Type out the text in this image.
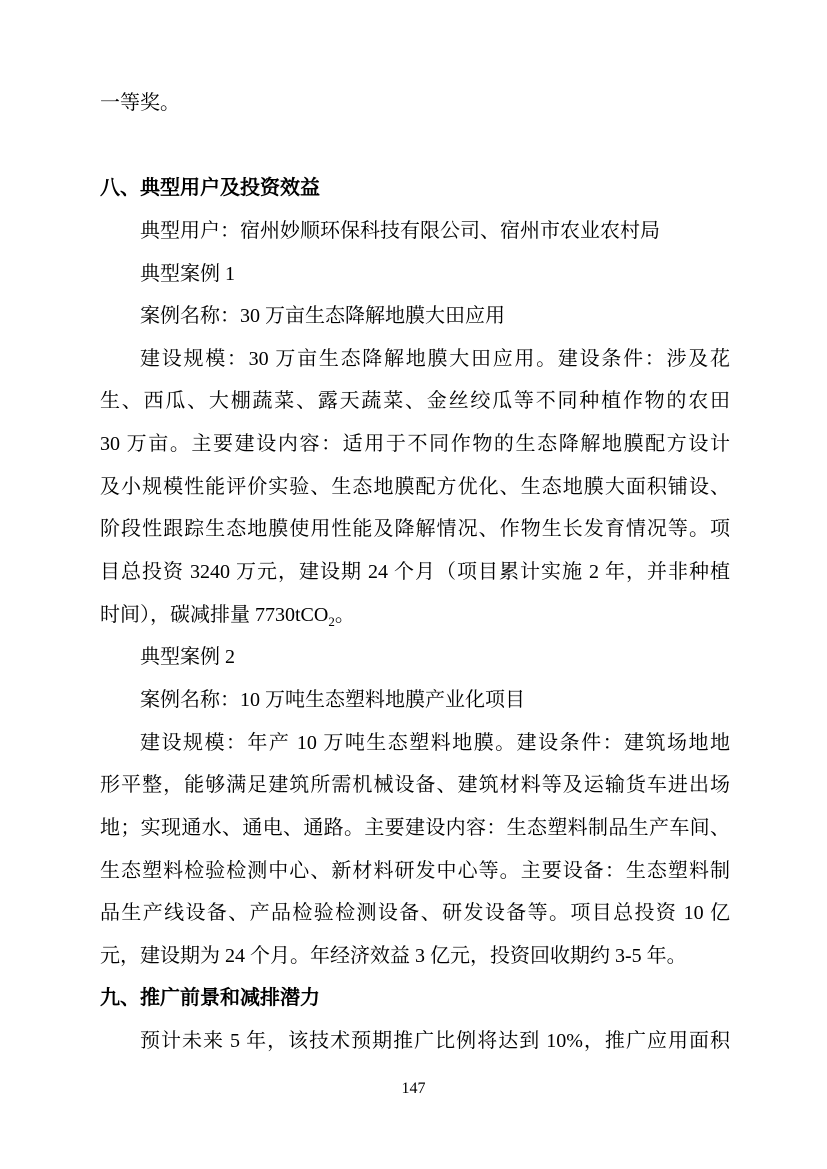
一等奖。

八、典型用户及投资效益
典型用户：宿州妙顺环保科技有限公司、宿州市农业农村局
典型案例 1
案例名称：30 万亩生态降解地膜大田应用
建设规模：30 万亩生态降解地膜大田应用。建设条件：涉及花
生、西瓜、大棚蔬菜、露天蔬菜、金丝绞瓜等不同种植作物的农田
30 万亩。主要建设内容：适用于不同作物的生态降解地膜配方设计
及小规模性能评价实验、生态地膜配方优化、生态地膜大面积铺设、
阶段性跟踪生态地膜使用性能及降解情况、作物生长发育情况等。项
目总投资 3240 万元，建设期 24 个月（项目累计实施 2 年，并非种植
时间），碳减排量 7730tCO$_2$。
典型案例 2
案例名称：10 万吨生态塑料地膜产业化项目
建设规模：年产 10 万吨生态塑料地膜。建设条件：建筑场地地
形平整，能够满足建筑所需机械设备、建筑材料等及运输货车进出场
地；实现通水、通电、通路。主要建设内容：生态塑料制品生产车间、
生态塑料检验检测中心、新材料研发中心等。主要设备：生态塑料制
品生产线设备、产品检验检测设备、研发设备等。项目总投资 10 亿
元，建设期为 24 个月。年经济效益 3 亿元，投资回收期约 3-5 年。
九、推广前景和减排潜力
预计未来 5 年，该技术预期推广比例将达到 10%，推广应用面积
147
